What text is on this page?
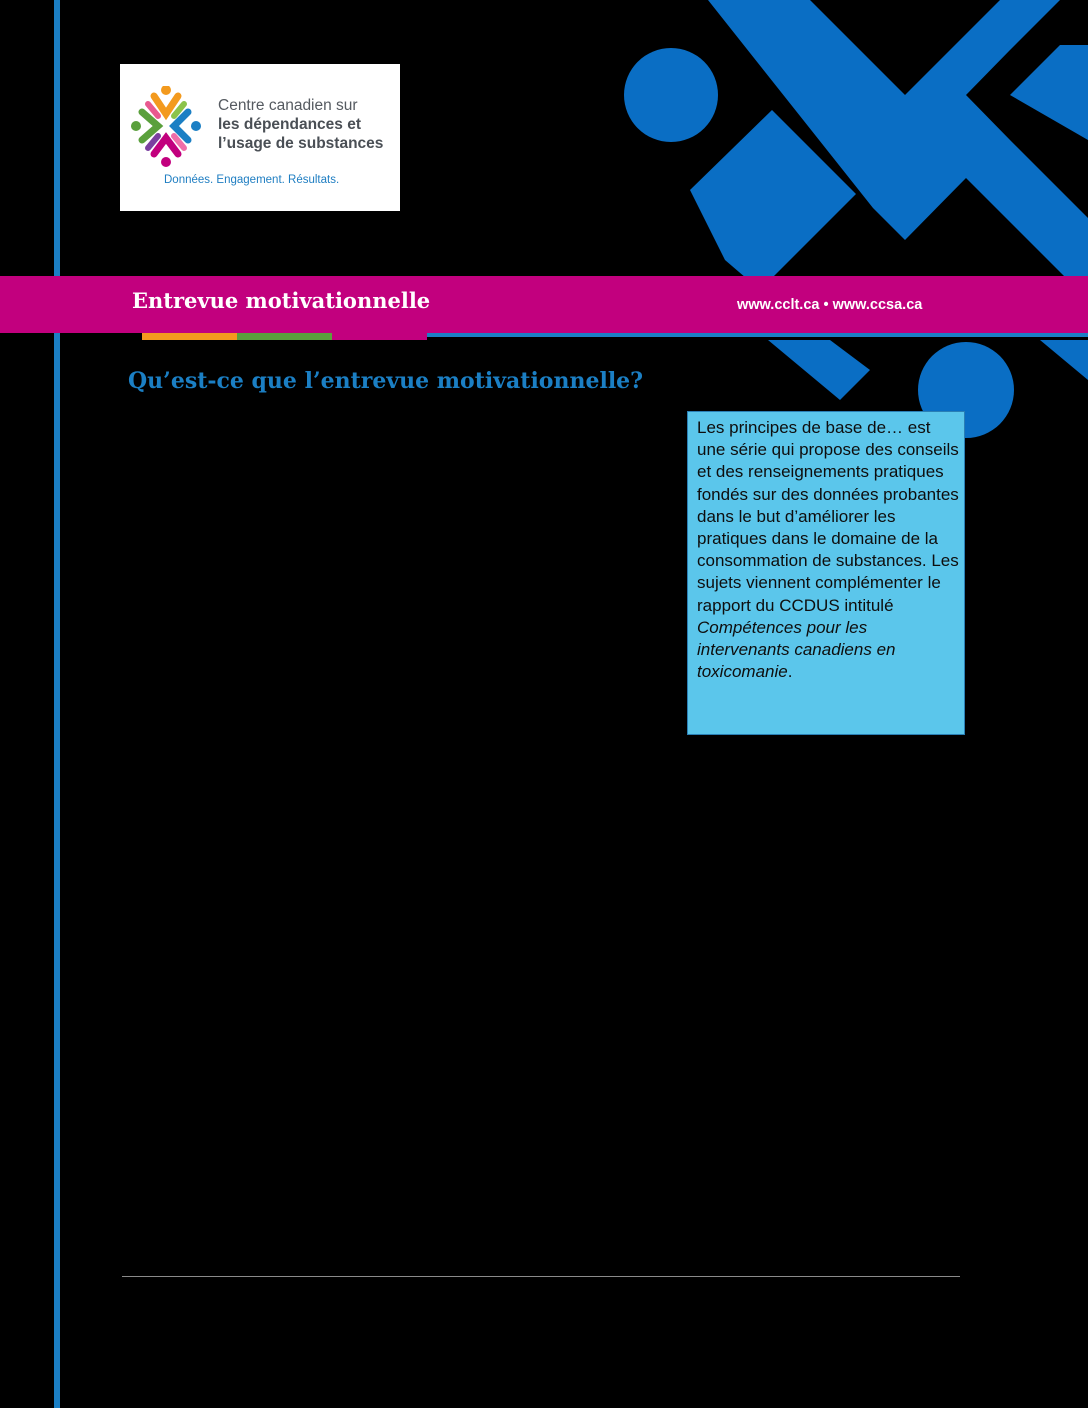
Centre canadien sur
les dépendances et
l’usage de substances
Données. Engagement. Résultats.
Entrevue motivationnelle	www.cclt.ca • www.ccsa.ca
Qu’est-ce que l’entrevue motivationnelle?
Les principes de base de… est une série qui propose des conseils et des renseignements pratiques fondés sur des données probantes dans le but d’améliorer les pratiques dans le domaine de la consommation de substances. Les sujets viennent complémenter le rapport du CCDUS intitulé Compétences pour les intervenants canadiens en toxicomanie.
